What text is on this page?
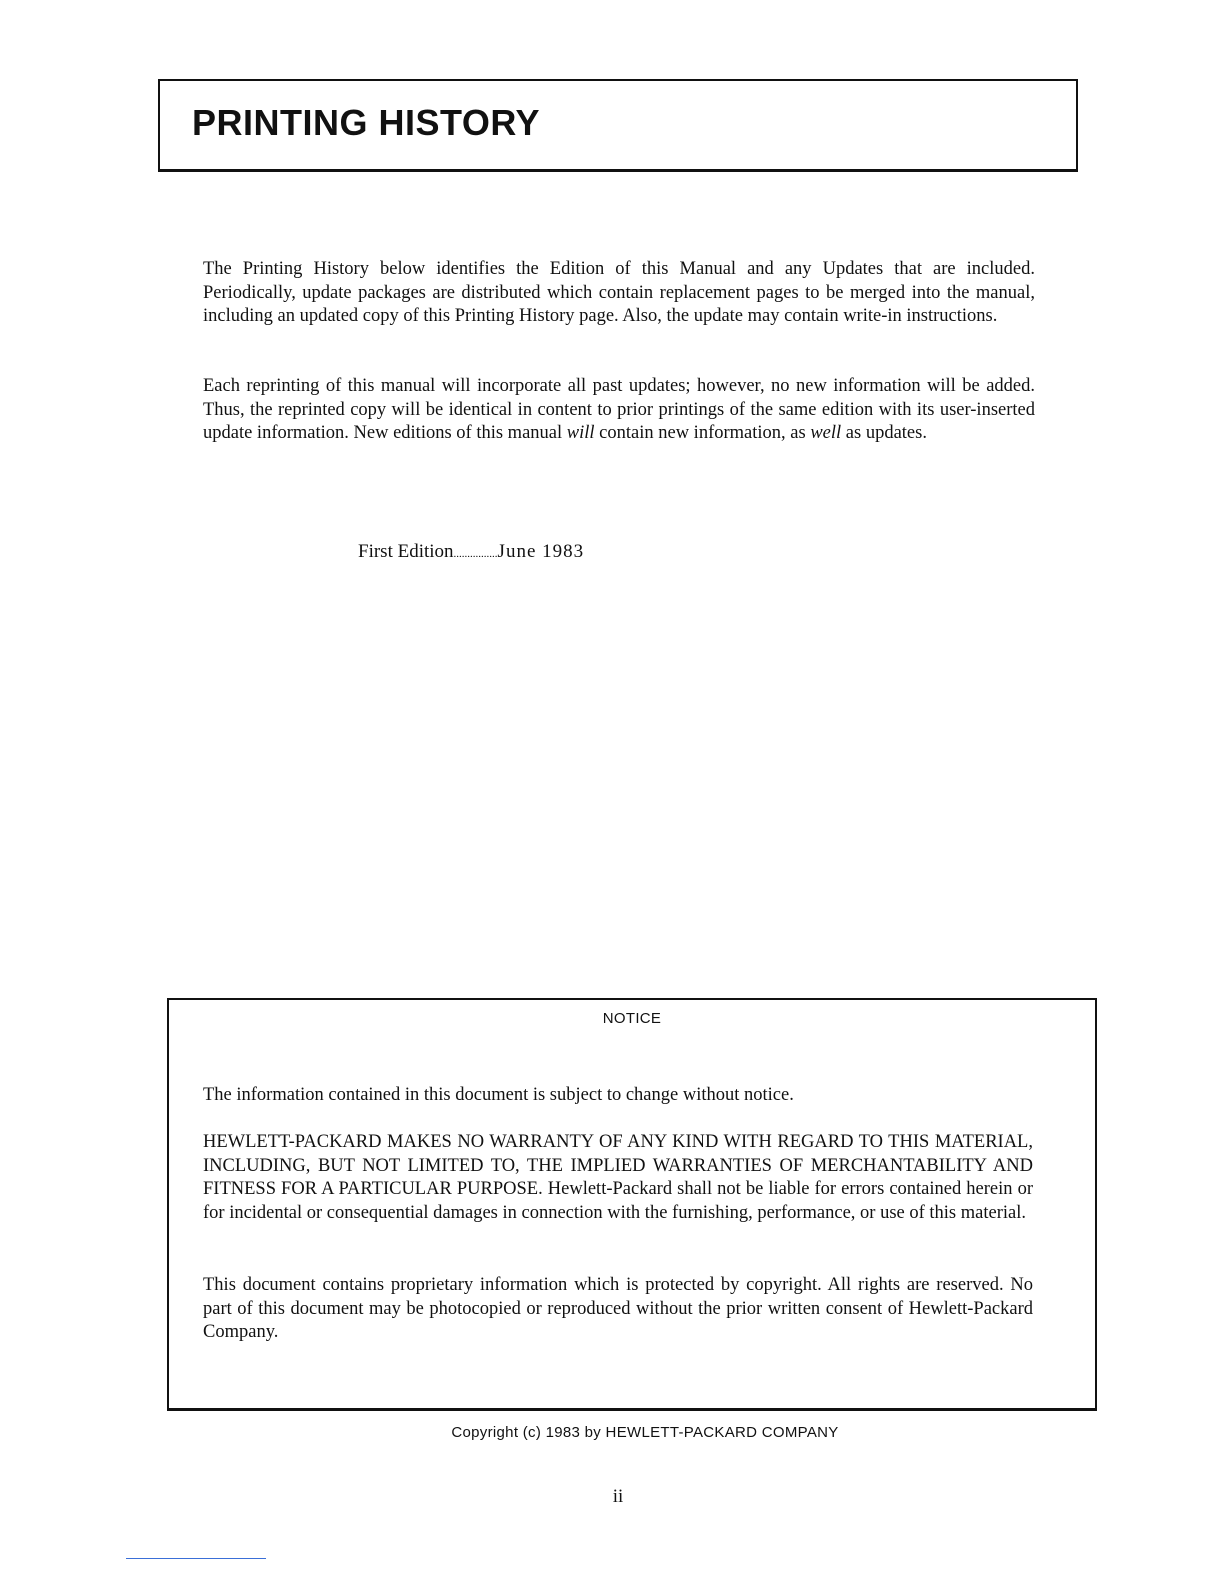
PRINTING HISTORY

The Printing History below identifies the Edition of this Manual and any Updates that are included. Periodically, update packages are distributed which contain replacement pages to be merged into the manual, including an updated copy of this Printing History page. Also, the update may contain write-in instructions.

Each reprinting of this manual will incorporate all past updates; however, no new information will be added. Thus, the reprinted copy will be identical in content to prior printings of the same edition with its user-inserted update information. New editions of this manual will contain new information, as well as updates.

First Edition................June 1983

NOTICE

The information contained in this document is subject to change without notice.

HEWLETT-PACKARD MAKES NO WARRANTY OF ANY KIND WITH REGARD TO THIS MATERIAL, INCLUDING, BUT NOT LIMITED TO, THE IMPLIED WARRANTIES OF MERCHANTABILITY AND FITNESS FOR A PARTICULAR PURPOSE. Hewlett-Packard shall not be liable for errors contained herein or for incidental or consequential damages in connection with the furnishing, performance, or use of this material.

This document contains proprietary information which is protected by copyright. All rights are reserved. No part of this document may be photocopied or reproduced without the prior written consent of Hewlett-Packard Company.

Copyright (c) 1983 by HEWLETT-PACKARD COMPANY
ii
